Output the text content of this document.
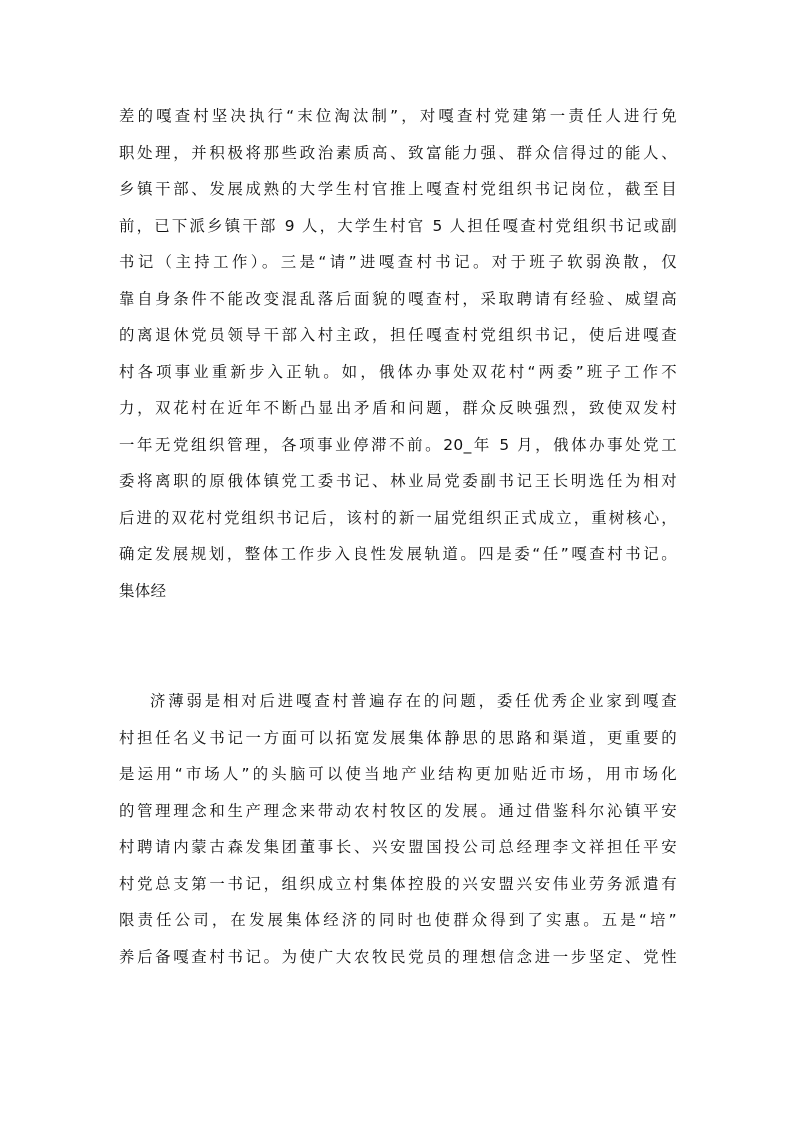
差的嘎查村坚决执行“末位淘汰制”，对嘎查村党建第一责任人进行免
职处理，并积极将那些政治素质高、致富能力强、群众信得过的能人、
乡镇干部、发展成熟的大学生村官推上嘎查村党组织书记岗位，截至目
前，已下派乡镇干部 9 人，大学生村官 5 人担任嘎查村党组织书记或副
书记（主持工作）。三是“请”进嘎查村书记。对于班子软弱涣散，仅
靠自身条件不能改变混乱落后面貌的嘎查村，采取聘请有经验、威望高
的离退休党员领导干部入村主政，担任嘎查村党组织书记，使后进嘎查
村各项事业重新步入正轨。如，俄体办事处双花村“两委”班子工作不
力，双花村在近年不断凸显出矛盾和问题，群众反映强烈，致使双发村
一年无党组织管理，各项事业停滞不前。20_年 5 月，俄体办事处党工
委将离职的原俄体镇党工委书记、林业局党委副书记王长明选任为相对
后进的双花村党组织书记后，该村的新一届党组织正式成立，重树核心，
确定发展规划，整体工作步入良性发展轨道。四是委“任”嘎查村书记。
集体经
济薄弱是相对后进嘎查村普遍存在的问题，委任优秀企业家到嘎查
村担任名义书记一方面可以拓宽发展集体静思的思路和渠道，更重要的
是运用“市场人”的头脑可以使当地产业结构更加贴近市场，用市场化
的管理理念和生产理念来带动农村牧区的发展。通过借鉴科尔沁镇平安
村聘请内蒙古森发集团董事长、兴安盟国投公司总经理李文祥担任平安
村党总支第一书记，组织成立村集体控股的兴安盟兴安伟业劳务派遣有
限责任公司，在发展集体经济的同时也使群众得到了实惠。五是“培”
养后备嘎查村书记。为使广大农牧民党员的理想信念进一步坚定、党性
